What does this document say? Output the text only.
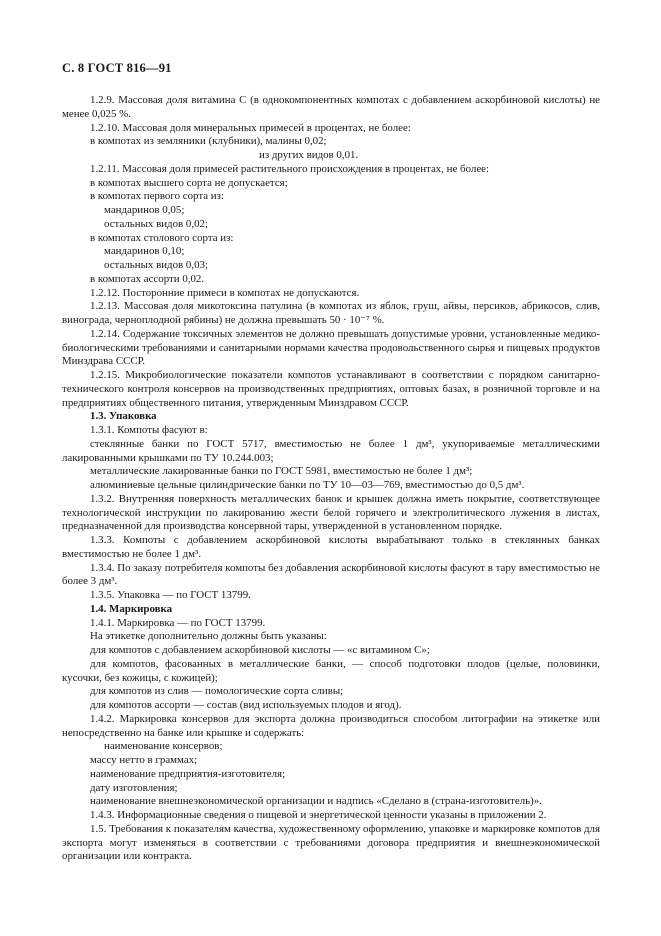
С. 8 ГОСТ 816—91

1.2.9. Массовая доля витамина С (в однокомпонентных компотах с добавлением аскорбиновой кислоты) не менее 0,025 %.

1.2.10. Массовая доля минеральных примесей в процентах, не более:

в компотах из земляники (клубники), малины 0,02;

из других видов 0,01.

1.2.11. Массовая доля примесей растительного происхождения в процентах, не более:

в компотах высшего сорта не допускается;

в компотах первого сорта из:

мандаринов 0,05;

остальных видов 0,02;

в компотах столового сорта из:

мандаринов 0,10;

остальных видов 0,03;

в компотах ассорти 0,02.

1.2.12. Посторонние примеси в компотах не допускаются.

1.2.13. Массовая доля микотоксина патулина (в компотах из яблок, груш, айвы, персиков, абрикосов, слив, винограда, черноплодной рябины) не должна превышать 50 · 10⁻⁷ %.

1.2.14. Содержание токсичных элементов не должно превышать допустимые уровни, установленные медико-биологическими требованиями и санитарными нормами качества продовольственного сырья и пищевых продуктов Минздрава СССР.

1.2.15. Микробиологические показатели компотов устанавливают в соответствии с порядком санитарно-технического контроля консервов на производственных предприятиях, оптовых базах, в розничной торговле и на предприятиях общественного питания, утвержденным Минздравом СССР.

1.3. Упаковка

1.3.1. Компоты фасуют в:

стеклянные банки по ГОСТ 5717, вместимостью не более 1 дм³, укупориваемые металлическими лакированными крышками по ТУ 10.244.003;

металлические лакированные банки по ГОСТ 5981, вместимостью не более 1 дм³;

алюминиевые цельные цилиндрические банки по ТУ 10—03—769, вместимостью до 0,5 дм³.

1.3.2. Внутренняя поверхность металлических банок и крышек должна иметь покрытие, соответствующее технологической инструкции по лакированию жести белой горячего и электролитического лужения в листах, предназначенной для производства консервной тары, утвержденной в установленном порядке.

1.3.3. Компоты с добавлением аскорбиновой кислоты вырабатывают только в стеклянных банках вместимостью не более 1 дм³.

1.3.4. По заказу потребителя компоты без добавления аскорбиновой кислоты фасуют в тару вместимостью не более 3 дм³.

1.3.5. Упаковка — по ГОСТ 13799.

1.4. Маркировка

1.4.1. Маркировка — по ГОСТ 13799.

На этикетке дополнительно должны быть указаны:

для компотов с добавлением аскорбиновой кислоты — «с витамином С»;

для компотов, фасованных в металлические банки, — способ подготовки плодов (целые, половинки, кусочки, без кожицы, с кожицей);

для компотов из слив — помологические сорта сливы;

для компотов ассорти — состав (вид используемых плодов и ягод).

1.4.2. Маркировка консервов для экспорта должна производиться способом литографии на этикетке или непосредственно на банке или крышке и содержать:

наименование консервов;

массу нетто в граммах;

наименование предприятия-изготовителя;

дату изготовления;

наименование внешнеэкономической организации и надпись «Сделано в (страна-изготовитель)».

1.4.3. Информационные сведения о пищевой и энергетической ценности указаны в приложении 2.

1.5. Требования к показателям качества, художественному оформлению, упаковке и маркировке компотов для экспорта могут изменяться в соответствии с требованиями договора предприятия и внешнеэкономической организации или контракта.
